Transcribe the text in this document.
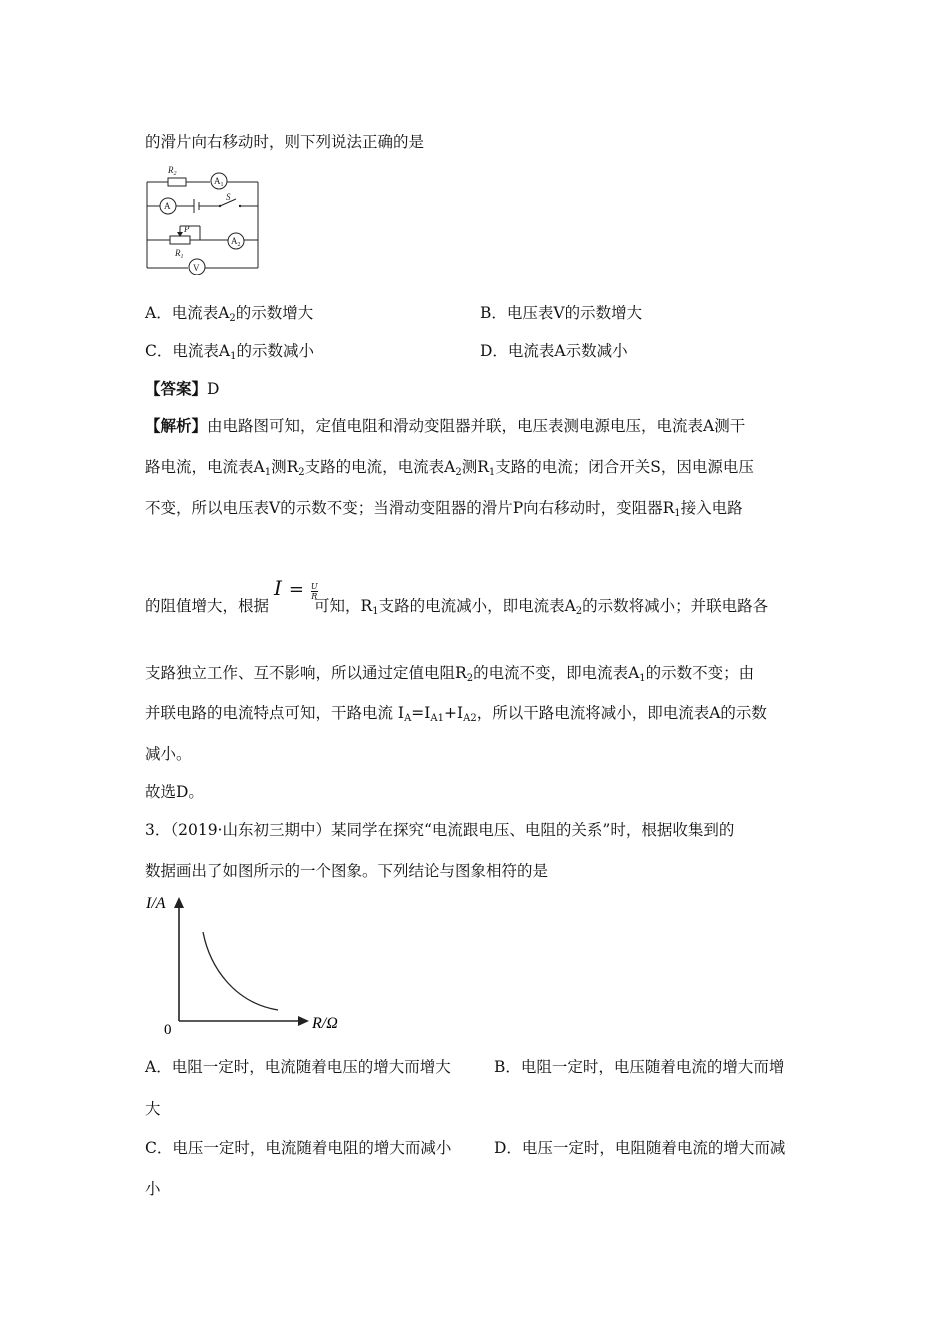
的滑片向右移动时，则下列说法正确的是
$R_2$
$A_1$
A
S
P
$R_1$
$A_2$
V
A．电流表$A_2$的示数增大	B．电压表V的示数增大
C．电流表$A_1$的示数减小	D．电流表A示数减小
【答案】D
【解析】由电路图可知，定值电阻和滑动变阻器并联，电压表测电源电压，电流表A测干
路电流，电流表$A_1$测$R_2$支路的电流，电流表$A_2$测$R_1$支路的电流；闭合开关S，因电源电压
不变，所以电压表V的示数不变；当滑动变阻器的滑片P向右移动时，变阻器$R_1$接入电路
$I = \frac{U}{R}$
的阻值增大，根据	可知，$R_1$支路的电流减小，即电流表$A_2$的示数将减小；并联电路各
支路独立工作、互不影响，所以通过定值电阻$R_2$的电流不变，即电流表$A_1$的示数不变；由
并联电路的电流特点可知，干路电流 $I_A=I_{A1}+I_{A2}$，所以干路电流将减小，即电流表A的示数
减小。
故选D。
3．（2019·山东初三期中）某同学在探究“电流跟电压、电阻的关系”时，根据收集到的
数据画出了如图所示的一个图象。下列结论与图象相符的是
I/A
R/Ω
0
A．电阻一定时，电流随着电压的增大而增大	B．电阻一定时，电压随着电流的增大而增
大
C．电压一定时，电流随着电阻的增大而减小	D．电压一定时，电阻随着电流的增大而减
小
